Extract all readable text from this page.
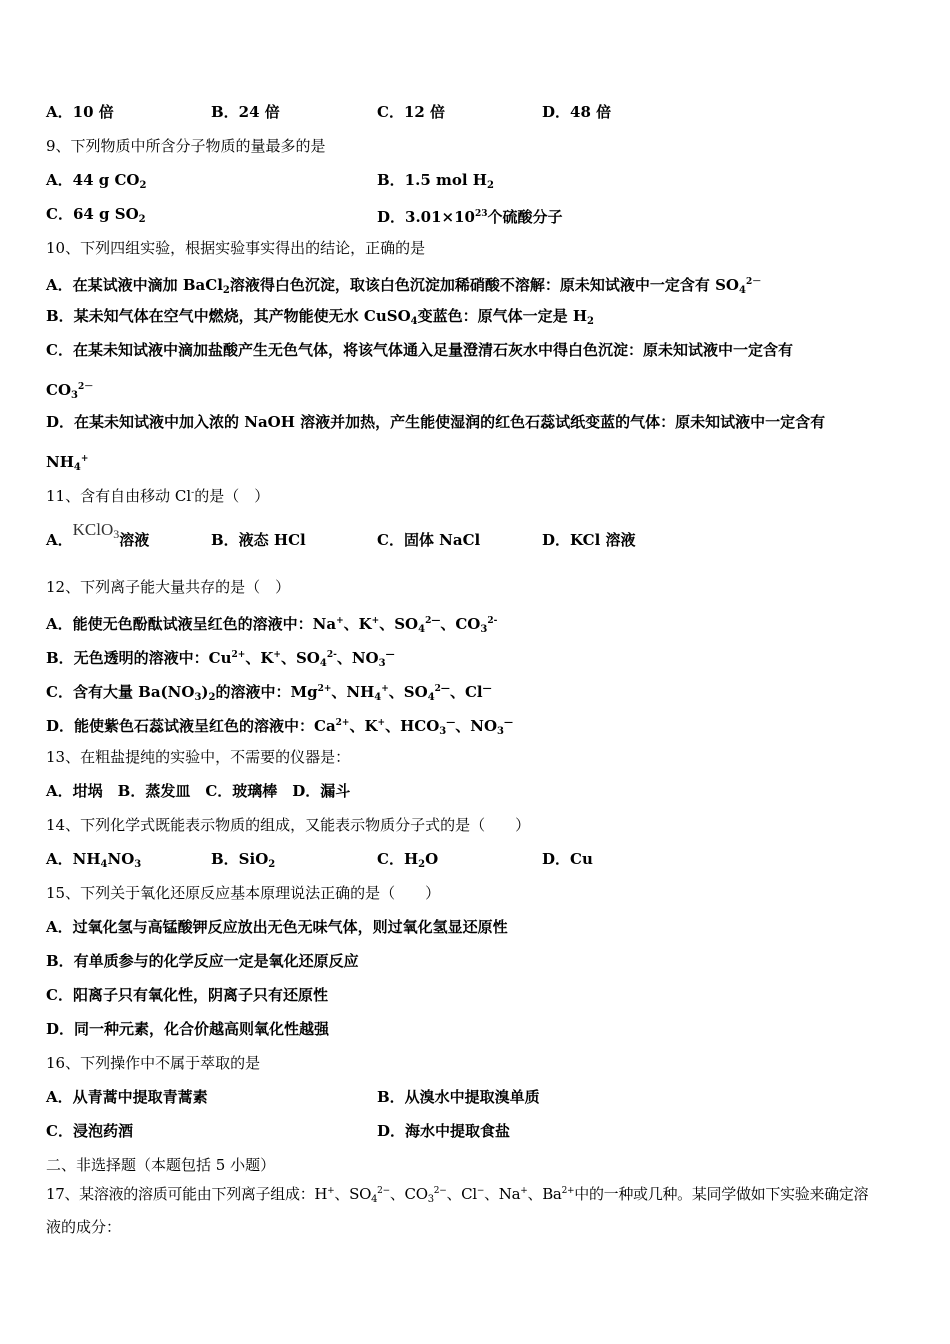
A．10 倍	B．24 倍	C．12 倍	D．48 倍
9、下列物质中所含分子物质的量最多的是
A．44 g $CO_2$	B．1.5 mol $H_2$
C．64 g $SO_2$	D．$3.01\times 10^{23}$个硫酸分子
10、下列四组实验，根据实验事实得出的结论，正确的是
A．在某试液中滴加 BaCl$_2$溶液得白色沉淀，取该白色沉淀加稀硝酸不溶解：原未知试液中一定含有 $SO_4^{2-}$
B．某未知气体在空气中燃烧，其产物能使无水 CuSO$_4$变蓝色：原气体一定是 $H_2$
C．在某未知试液中滴加盐酸产生无色气体，将该气体通入足量澄清石灰水中得白色沉淀：原未知试液中一定含有
$CO_3^{2-}$
D．在某未知试液中加入浓的 NaOH 溶液并加热，产生能使湿润的红色石蕊试纸变蓝的气体：原未知试液中一定含有
$NH_4^+$
11、含有自由移动 Cl-的是（　）
A．KClO$_3$溶液	B．液态 HCl	C．固体 NaCl	D．KCl 溶液
12、下列离子能大量共存的是（　）
A．能使无色酚酞试液呈红色的溶液中：Na+、K+、$SO_4^{2—}$、$CO_3^{2-}$
B．无色透明的溶液中：$Cu^{2+}$、K+、$SO_4^{2-}$、$NO_3^—$
C．含有大量 $Ba(NO_3)_2$的溶液中：$Mg^{2+}$、$NH_4^+$、$SO_4^{2—}$、Cl—
D．能使紫色石蕊试液呈红色的溶液中：$Ca^{2+}$、K+、$HCO_3^—$、$NO_3^—$
13、在粗盐提纯的实验中，不需要的仪器是：
A．坩埚　B．蒸发皿　C．玻璃棒　D．漏斗
14、下列化学式既能表示物质的组成，又能表示物质分子式的是（　　）
A．$NH_4NO_3$	B．SiO$_2$	C．$H_2O$	D．Cu
15、下列关于氧化还原反应基本原理说法正确的是（　　）
A．过氧化氢与高锰酸钾反应放出无色无味气体，则过氧化氢显还原性
B．有单质参与的化学反应一定是氧化还原反应
C．阳离子只有氧化性，阴离子只有还原性
D．同一种元素，化合价越高则氧化性越强
16、下列操作中不属于萃取的是
A．从青蒿中提取青蒿素	B．从溴水中提取溴单质
C．浸泡药酒	D．海水中提取食盐
二、非选择题（本题包括 5 小题）
17、某溶液的溶质可能由下列离子组成：H+、$SO_4^{2-}$、$CO_3^{2-}$、Cl−、Na+、$Ba^{2+}$中的一种或几种。某同学做如下实验来确定溶
液的成分：
